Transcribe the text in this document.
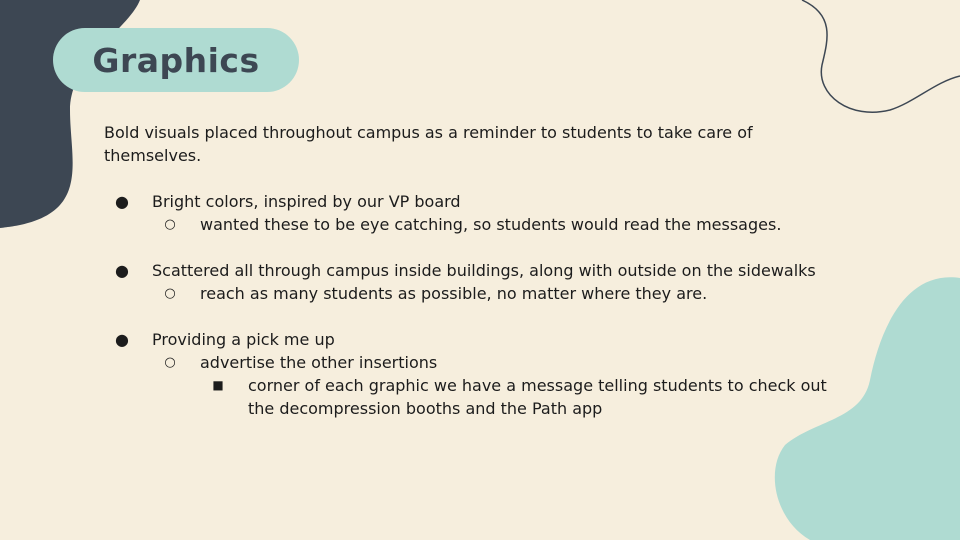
Graphics

Bold visuals placed throughout campus as a reminder to students to take care of themselves.

● Bright colors, inspired by our VP board
○ wanted these to be eye catching, so students would read the messages.
● Scattered all through campus inside buildings, along with outside on the sidewalks
○ reach as many students as possible, no matter where they are.
● Providing a pick me up
○ advertise the other insertions
■ corner of each graphic we have a message telling students to check out the decompression booths and the Path app
